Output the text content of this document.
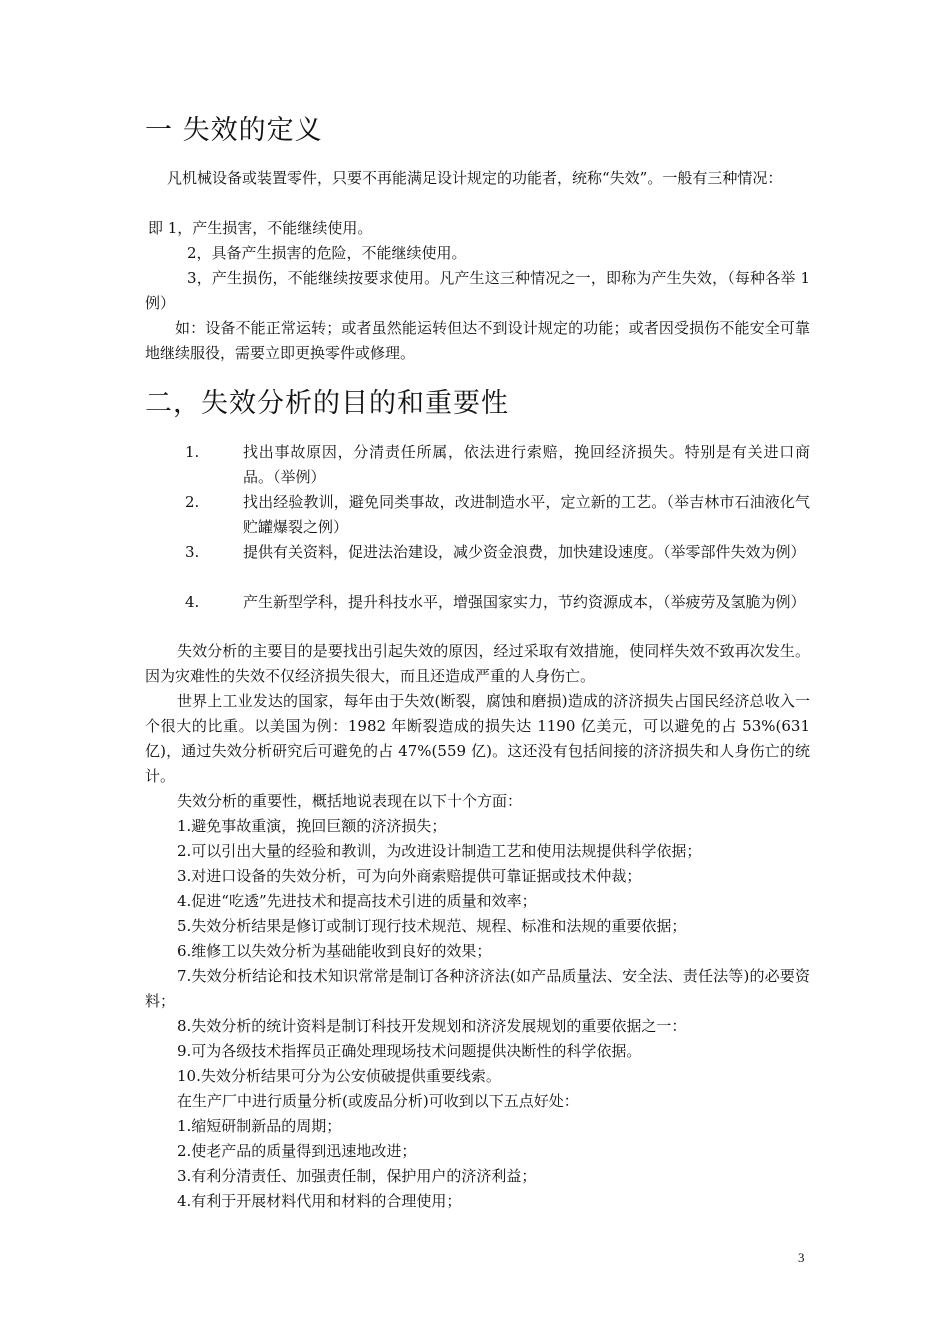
一 失效的定义
凡机械设备或装置零件，只要不再能满足设计规定的功能者，统称“失效”。一般有三种情况：
即 1，产生损害，不能继续使用。
2，具备产生损害的危险，不能继续使用。
3，产生损伤，不能继续按要求使用。凡产生这三种情况之一，即称为产生失效，（每种各举 1 例）
如：设备不能正常运转；或者虽然能运转但达不到设计规定的功能；或者因受损伤不能安全可靠地继续服役，需要立即更换零件或修理。
二，失效分析的目的和重要性
1.	找出事故原因，分清责任所属，依法进行索赔，挽回经济损失。特别是有关进口商品。（举例）
2.	找出经验教训，避免同类事故，改进制造水平，定立新的工艺。（举吉林市石油液化气贮罐爆裂之例）
3.	提供有关资料，促进法治建设，减少资金浪费，加快建设速度。（举零部件失效为例）
4.	产生新型学科，提升科技水平，增强国家实力，节约资源成本，（举疲劳及氢脆为例）
失效分析的主要目的是要找出引起失效的原因，经过采取有效措施，使同样失效不致再次发生。因为灾难性的失效不仅经济损失很大，而且还造成严重的人身伤亡。
世界上工业发达的国家，每年由于失效(断裂，腐蚀和磨损)造成的济济损失占国民经济总收入一个很大的比重。以美国为例：1982 年断裂造成的损失达 1190 亿美元，可以避免的占 53%(631 亿)，通过失效分析研究后可避免的占 47%(559 亿)。这还没有包括间接的济济损失和人身伤亡的统计。
失效分析的重要性，概括地说表现在以下十个方面：
1.避免事故重演，挽回巨额的济济损失；
2.可以引出大量的经验和教训，为改进设计制造工艺和使用法规提供科学依据；
3.对进口设备的失效分析，可为向外商索赔提供可靠证据或技术仲裁；
4.促进“吃透”先进技术和提高技术引进的质量和效率；
5.失效分析结果是修订或制订现行技术规范、规程、标准和法规的重要依据；
6.维修工以失效分析为基础能收到良好的效果；
7.失效分析结论和技术知识常常是制订各种济济法(如产品质量法、安全法、责任法等)的必要资料；
8.失效分析的统计资料是制订科技开发规划和济济发展规划的重要依据之一：
9.可为各级技术指挥员正确处理现场技术问题提供决断性的科学依据。
10.失效分析结果可分为公安侦破提供重要线索。
在生产厂中进行质量分析(或废品分析)可收到以下五点好处：
1.缩短研制新品的周期；
2.使老产品的质量得到迅速地改进；
3.有利分清责任、加强责任制，保护用户的济济利益；
4.有利于开展材料代用和材料的合理使用；
3
